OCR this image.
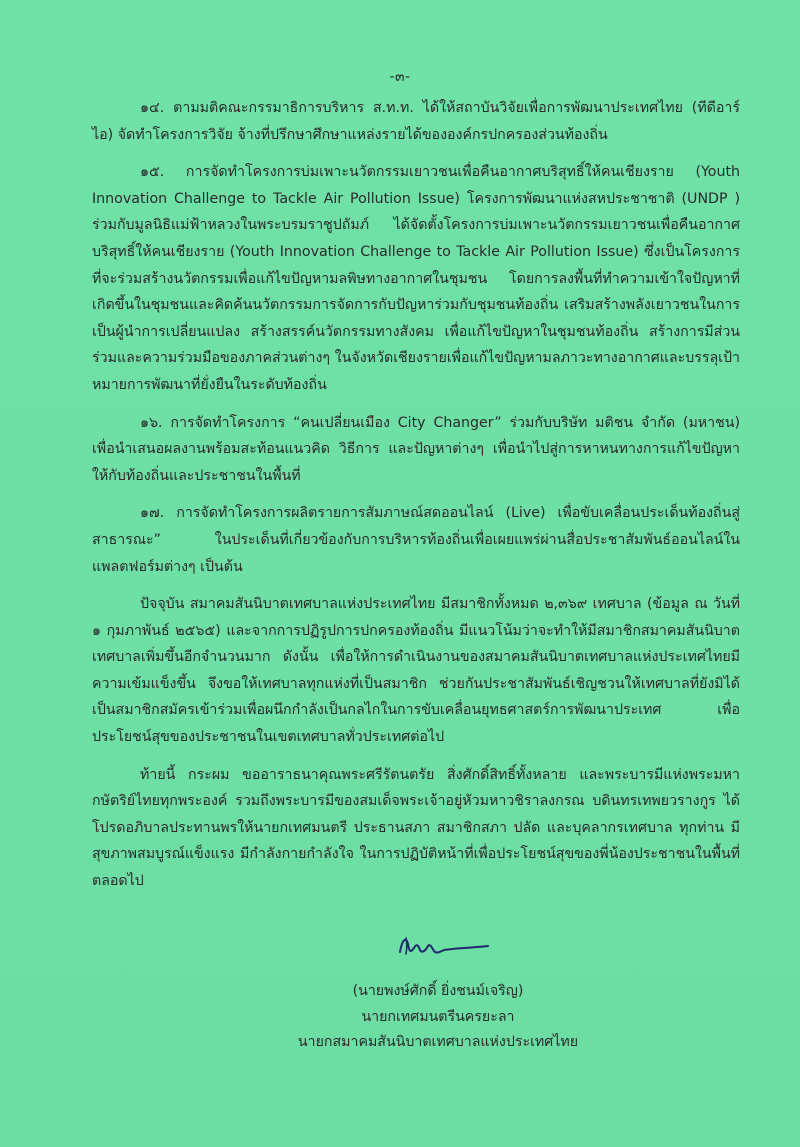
-๓-

๑๔. ตามมติคณะกรรมาธิการบริหาร ส.ท.ท. ได้ให้สถาบันวิจัยเพื่อการพัฒนาประเทศไทย (ทีดีอาร์ไอ) จัดทำโครงการวิจัย จ้างที่ปรึกษาศึกษาแหล่งรายได้ขององค์กรปกครองส่วนท้องถิ่น

๑๕. การจัดทำโครงการบ่มเพาะนวัตกรรมเยาวชนเพื่อคืนอากาศบริสุทธิ์ให้คนเชียงราย (Youth Innovation Challenge to Tackle Air Pollution Issue) โครงการพัฒนาแห่งสหประชาชาติ (UNDP ) ร่วมกับมูลนิธิแม่ฟ้าหลวงในพระบรมราชูปถัมภ์ ได้จัดตั้งโครงการบ่มเพาะนวัตกรรมเยาวชนเพื่อคืนอากาศบริสุทธิ์ให้คนเชียงราย (Youth Innovation Challenge to Tackle Air Pollution Issue) ซึ่งเป็นโครงการที่จะร่วมสร้างนวัตกรรมเพื่อแก้ไขปัญหามลพิษทางอากาศในชุมชน โดยการลงพื้นที่ทำความเข้าใจปัญหาที่เกิดขึ้นในชุมชนและคิดค้นนวัตกรรมการจัดการกับปัญหาร่วมกับชุมชนท้องถิ่น เสริมสร้างพลังเยาวชนในการเป็นผู้นำการเปลี่ยนแปลง สร้างสรรค์นวัตกรรมทางสังคม เพื่อแก้ไขปัญหาในชุมชนท้องถิ่น สร้างการมีส่วนร่วมและความร่วมมือของภาคส่วนต่างๆ ในจังหวัดเชียงรายเพื่อแก้ไขปัญหามลภาวะทางอากาศและบรรลุเป้าหมายการพัฒนาที่ยั่งยืนในระดับท้องถิ่น

๑๖. การจัดทำโครงการ “คนเปลี่ยนเมือง City Changer” ร่วมกับบริษัท มติชน จำกัด (มหาชน) เพื่อนำเสนอผลงานพร้อมสะท้อนแนวคิด วิธีการ และปัญหาต่างๆ เพื่อนำไปสู่การหาหนทางการแก้ไขปัญหาให้กับท้องถิ่นและประชาชนในพื้นที่

๑๗. การจัดทำโครงการผลิตรายการสัมภาษณ์สดออนไลน์ (Live) เพื่อขับเคลื่อนประเด็นท้องถิ่นสู่สาธารณะ” ในประเด็นที่เกี่ยวข้องกับการบริหารท้องถิ่นเพื่อเผยแพร่ผ่านสื่อประชาสัมพันธ์ออนไลน์ในแพลตฟอร์มต่างๆ เป็นต้น

ปัจจุบัน สมาคมสันนิบาตเทศบาลแห่งประเทศไทย มีสมาชิกทั้งหมด ๒,๓๖๙ เทศบาล (ข้อมูล ณ วันที่ ๑ กุมภาพันธ์ ๒๕๖๕) และจากการปฏิรูปการปกครองท้องถิ่น มีแนวโน้มว่าจะทำให้มีสมาชิกสมาคมสันนิบาตเทศบาลเพิ่มขึ้นอีกจำนวนมาก ดังนั้น เพื่อให้การดำเนินงานของสมาคมสันนิบาตเทศบาลแห่งประเทศไทยมีความเข้มแข็งขึ้น จึงขอให้เทศบาลทุกแห่งที่เป็นสมาชิก ช่วยกันประชาสัมพันธ์เชิญชวนให้เทศบาลที่ยังมิได้เป็นสมาชิกสมัครเข้าร่วมเพื่อผนึกกำลังเป็นกลไกในการขับเคลื่อนยุทธศาสตร์การพัฒนาประเทศ เพื่อประโยชน์สุขของประชาชนในเขตเทศบาลทั่วประเทศต่อไป

ท้ายนี้ กระผม ขออาราธนาคุณพระศรีรัตนตรัย สิ่งศักดิ์สิทธิ์ทั้งหลาย และพระบารมีแห่งพระมหากษัตริย์ไทยทุกพระองค์ รวมถึงพระบารมีของสมเด็จพระเจ้าอยู่หัวมหาวชิราลงกรณ บดินทรเทพยวรางกูร ได้โปรดอภิบาลประทานพรให้นายกเทศมนตรี ประธานสภา สมาชิกสภา ปลัด และบุคลากรเทศบาล ทุกท่าน มีสุขภาพสมบูรณ์แข็งแรง มีกำลังกายกำลังใจ ในการปฏิบัติหน้าที่เพื่อประโยชน์สุขของพี่น้องประชาชนในพื้นที่ตลอดไป

(นายพงษ์ศักดิ์ ยิ่งชนม์เจริญ)
นายกเทศมนตรีนครยะลา
นายกสมาคมสันนิบาตเทศบาลแห่งประเทศไทย
